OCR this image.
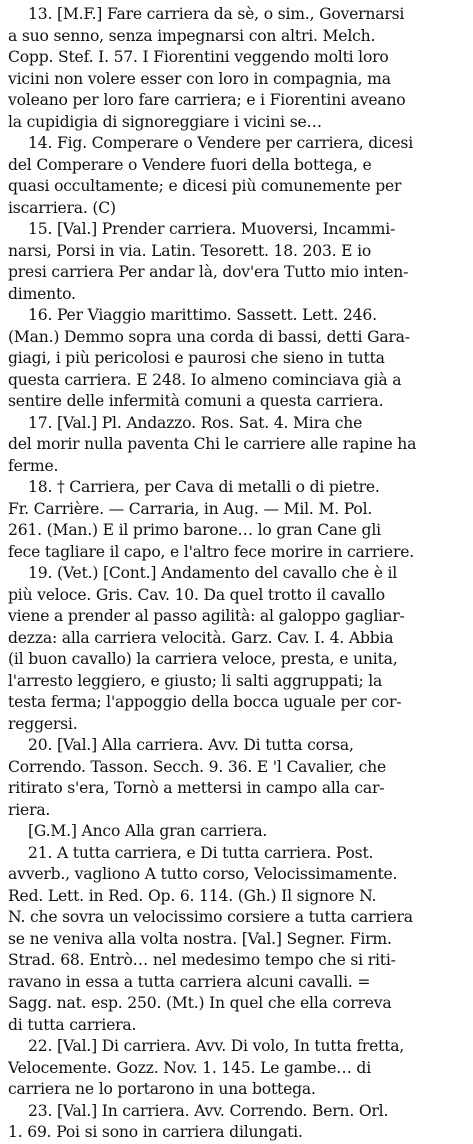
13. [M.F.] Fare carriera da sè, o sim., Governarsi
a suo senno, senza impegnarsi con altri. Melch.
Copp. Stef. I. 57. I Fiorentini veggendo molti loro
vicini non volere esser con loro in compagnia, ma
voleano per loro fare carriera; e i Fiorentini aveano
la cupidigia di signoreggiare i vicini se…
14. Fig. Comperare o Vendere per carriera, dicesi
del Comperare o Vendere fuori della bottega, e
quasi occultamente; e dicesi più comunemente per
iscarriera. (C)
15. [Val.] Prender carriera. Muoversi, Incammi-
narsi, Porsi in via. Latin. Tesorett. 18. 203. E io
presi carriera Per andar là, dov'era Tutto mio inten-
dimento.
16. Per Viaggio marittimo. Sassett. Lett. 246.
(Man.) Demmo sopra una corda di bassi, detti Gara-
giagi, i più pericolosi e paurosi che sieno in tutta
questa carriera. E 248. Io almeno cominciava già a
sentire delle infermità comuni a questa carriera.
17. [Val.] Pl. Andazzo. Ros. Sat. 4. Mira che
del morir nulla paventa Chi le carriere alle rapine ha
ferme.
18. † Carriera, per Cava di metalli o di pietre.
Fr. Carrière. — Carraria, in Aug. — Mil. M. Pol.
261. (Man.) E il primo barone… lo gran Cane gli
fece tagliare il capo, e l'altro fece morire in carriere.
19. (Vet.) [Cont.] Andamento del cavallo che è il
più veloce. Gris. Cav. 10. Da quel trotto il cavallo
viene a prender al passo agilità: al galoppo gagliar-
dezza: alla carriera velocità. Garz. Cav. I. 4. Abbia
(il buon cavallo) la carriera veloce, presta, e unita,
l'arresto leggiero, e giusto; li salti aggruppati; la
testa ferma; l'appoggio della bocca uguale per cor-
reggersi.
20. [Val.] Alla carriera. Avv. Di tutta corsa,
Correndo. Tasson. Secch. 9. 36. E 'l Cavalier, che
ritirato s'era, Tornò a mettersi in campo alla car-
riera.
[G.M.] Anco Alla gran carriera.
21. A tutta carriera, e Di tutta carriera. Post.
avverb., vagliono A tutto corso, Velocissimamente.
Red. Lett. in Red. Op. 6. 114. (Gh.) Il signore N.
N. che sovra un velocissimo corsiere a tutta carriera
se ne veniva alla volta nostra. [Val.] Segner. Firm.
Strad. 68. Entrò… nel medesimo tempo che si riti-
ravano in essa a tutta carriera alcuni cavalli. =
Sagg. nat. esp. 250. (Mt.) In quel che ella correva
di tutta carriera.
22. [Val.] Di carriera. Avv. Di volo, In tutta fretta,
Velocemente. Gozz. Nov. 1. 145. Le gambe… di
carriera ne lo portarono in una bottega.
23. [Val.] In carriera. Avv. Correndo. Bern. Orl.
1. 69. Poi si sono in carriera dilungati.
